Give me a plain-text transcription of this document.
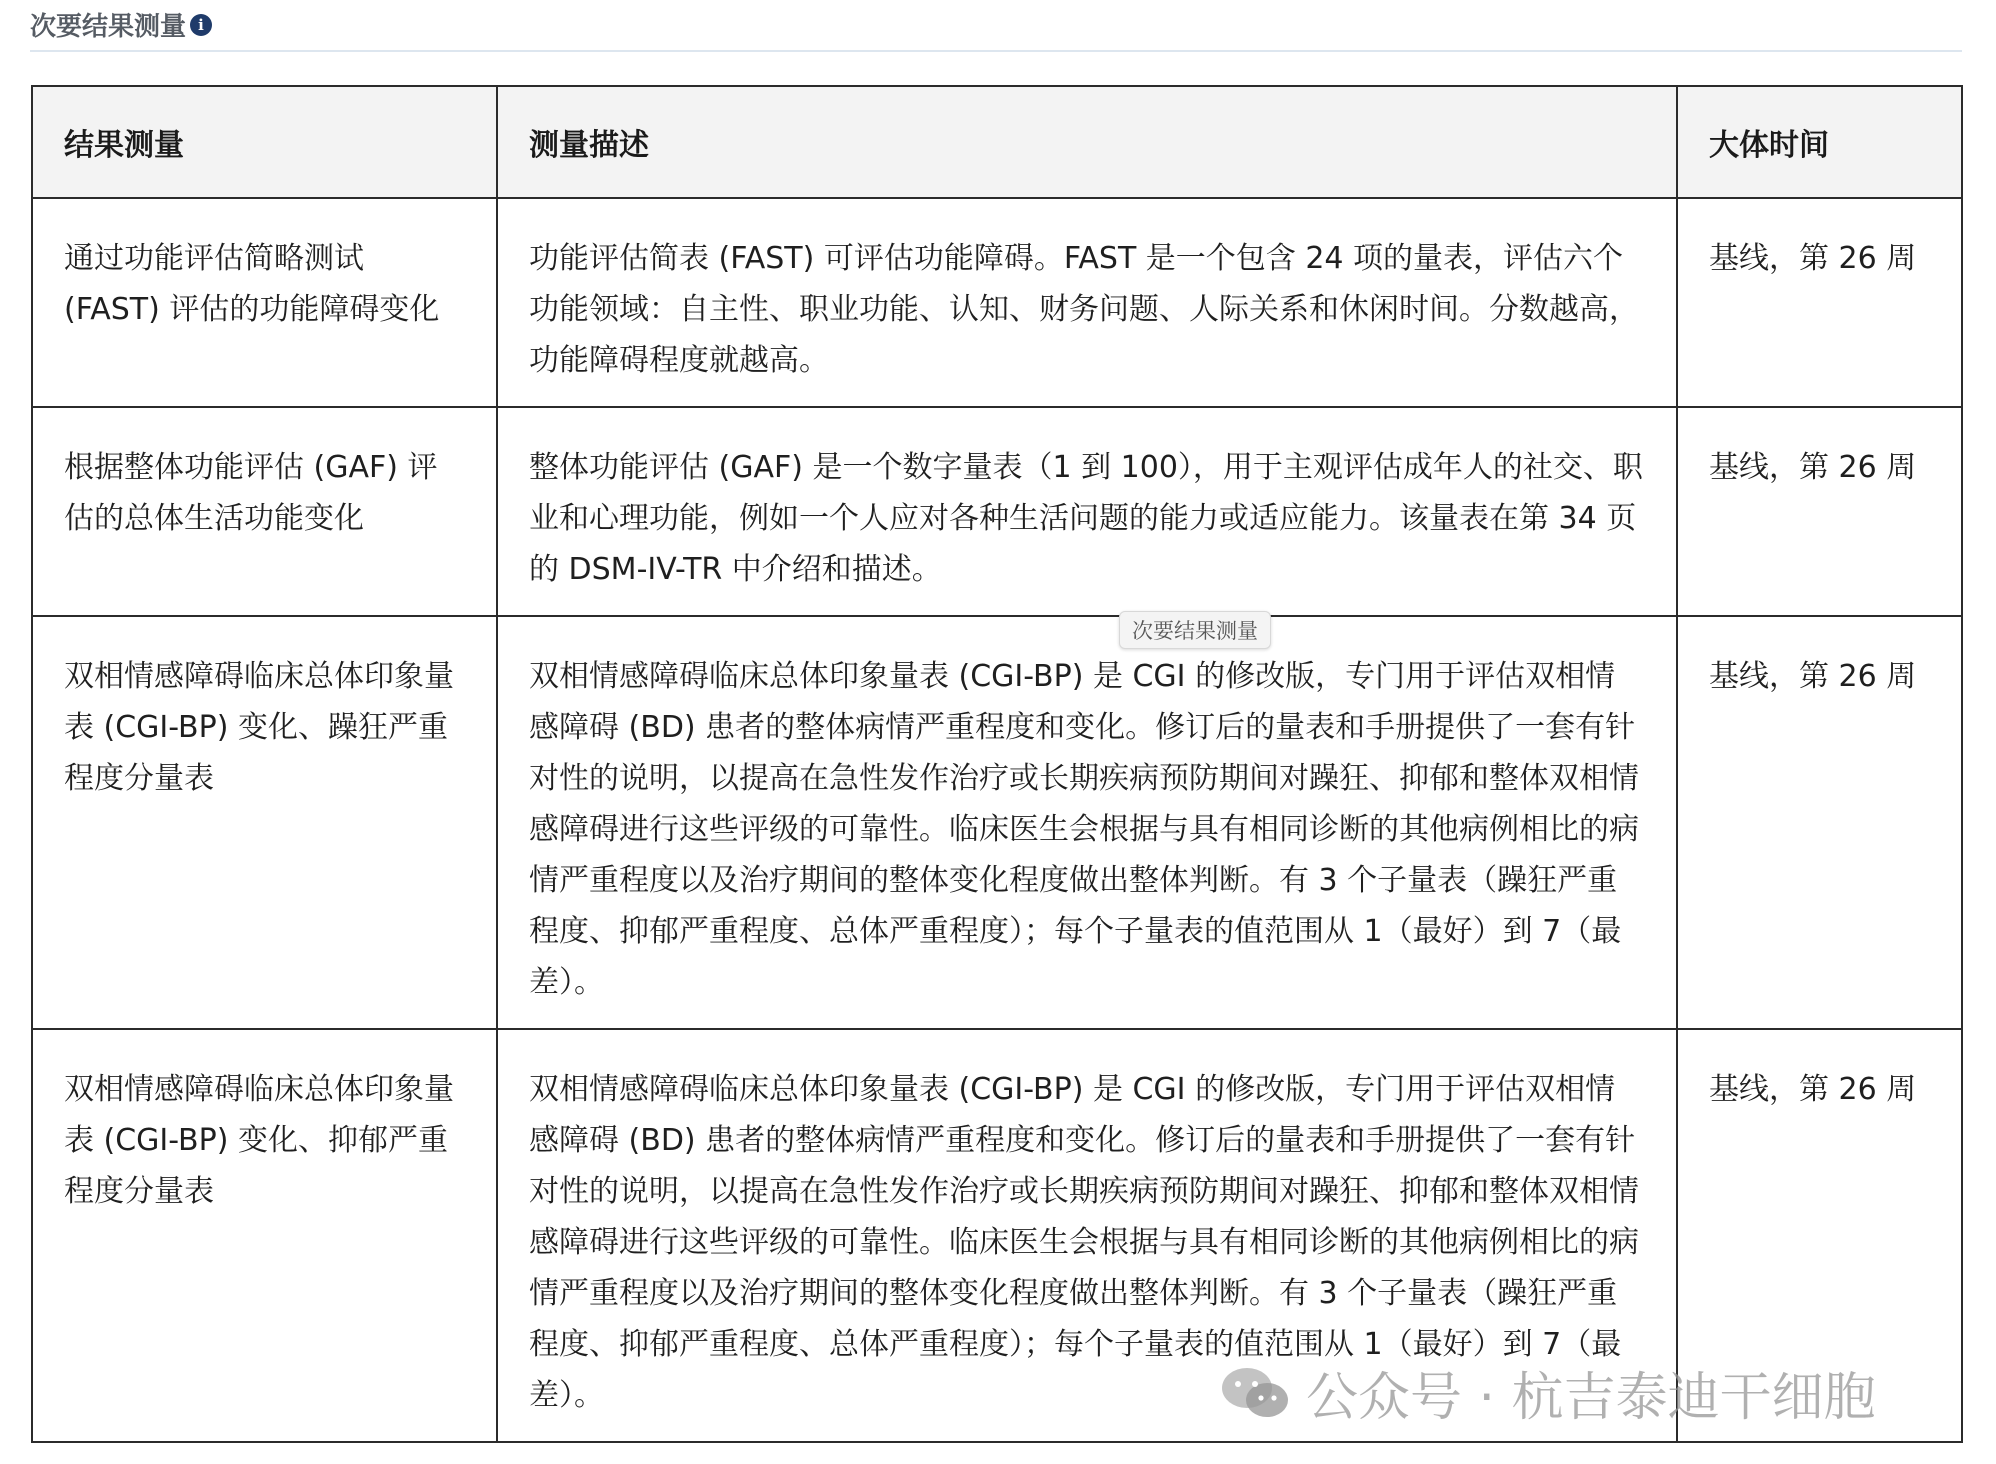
次要结果测量 i
结果测量	测量描述	大体时间
通过功能评估简略测试 (FAST) 评估的功能障碍变化	功能评估简表 (FAST) 可评估功能障碍。FAST 是一个包含 24 项的量表，评估六个功能领域：自主性、职业功能、认知、财务问题、人际关系和休闲时间。分数越高，功能障碍程度就越高。	基线，第 26 周
根据整体功能评估 (GAF) 评估的总体生活功能变化	整体功能评估 (GAF) 是一个数字量表（1 到 100），用于主观评估成年人的社交、职业和心理功能，例如一个人应对各种生活问题的能力或适应能力。该量表在第 34 页的 DSM-IV-TR 中介绍和描述。	基线，第 26 周
双相情感障碍临床总体印象量表 (CGI-BP) 变化、躁狂严重程度分量表	双相情感障碍临床总体印象量表 (CGI-BP) 是 CGI 的修改版，专门用于评估双相情感障碍 (BD) 患者的整体病情严重程度和变化。修订后的量表和手册提供了一套有针对性的说明，以提高在急性发作治疗或长期疾病预防期间对躁狂、抑郁和整体双相情感障碍进行这些评级的可靠性。临床医生会根据与具有相同诊断的其他病例相比的病情严重程度以及治疗期间的整体变化程度做出整体判断。有 3 个子量表（躁狂严重程度、抑郁严重程度、总体严重程度）；每个子量表的值范围从 1（最好）到 7（最差）。	基线，第 26 周
双相情感障碍临床总体印象量表 (CGI-BP) 变化、抑郁严重程度分量表	双相情感障碍临床总体印象量表 (CGI-BP) 是 CGI 的修改版，专门用于评估双相情感障碍 (BD) 患者的整体病情严重程度和变化。修订后的量表和手册提供了一套有针对性的说明，以提高在急性发作治疗或长期疾病预防期间对躁狂、抑郁和整体双相情感障碍进行这些评级的可靠性。临床医生会根据与具有相同诊断的其他病例相比的病情严重程度以及治疗期间的整体变化程度做出整体判断。有 3 个子量表（躁狂严重程度、抑郁严重程度、总体严重程度）；每个子量表的值范围从 1（最好）到 7（最差）。	基线，第 26 周
次要结果测量
公众号 · 杭吉泰迪干细胞
